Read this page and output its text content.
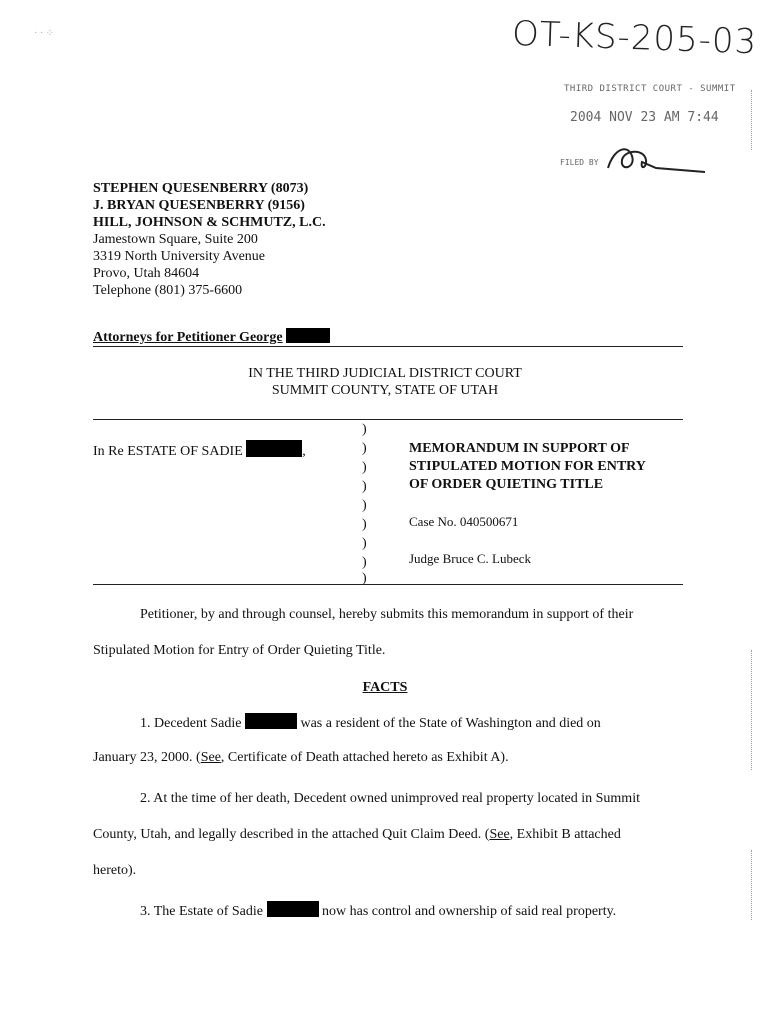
OT-KS-205-03
· · ⁘
THIRD DISTRICT COURT - SUMMIT
2004 NOV 23 AM 7:44
FILED BY
STEPHEN QUESENBERRY (8073)
J. BRYAN QUESENBERRY (9156)
HILL, JOHNSON & SCHMUTZ, L.C.
Jamestown Square, Suite 200
3319 North University Avenue
Provo, Utah 84604
Telephone (801) 375-6600
Attorneys for Petitioner George
IN THE THIRD JUDICIAL DISTRICT COURT
SUMMIT COUNTY, STATE OF UTAH
)
)
)
)
)
)
)
)
)
In Re ESTATE OF SADIE	,	MEMORANDUM IN SUPPORT OF
STIPULATED MOTION FOR ENTRY
OF ORDER QUIETING TITLE
Case No. 040500671
Judge Bruce C. Lubeck

Petitioner, by and through counsel, hereby submits this memorandum in support of their

Stipulated Motion for Entry of Order Quieting Title.

FACTS

1. Decedent Sadie	was a resident of the State of Washington and died on

January 23, 2000. (See, Certificate of Death attached hereto as Exhibit A).

2. At the time of her death, Decedent owned unimproved real property located in Summit

County, Utah, and legally described in the attached Quit Claim Deed. (See, Exhibit B attached

hereto).

3. The Estate of Sadie	now has control and ownership of said real property.
